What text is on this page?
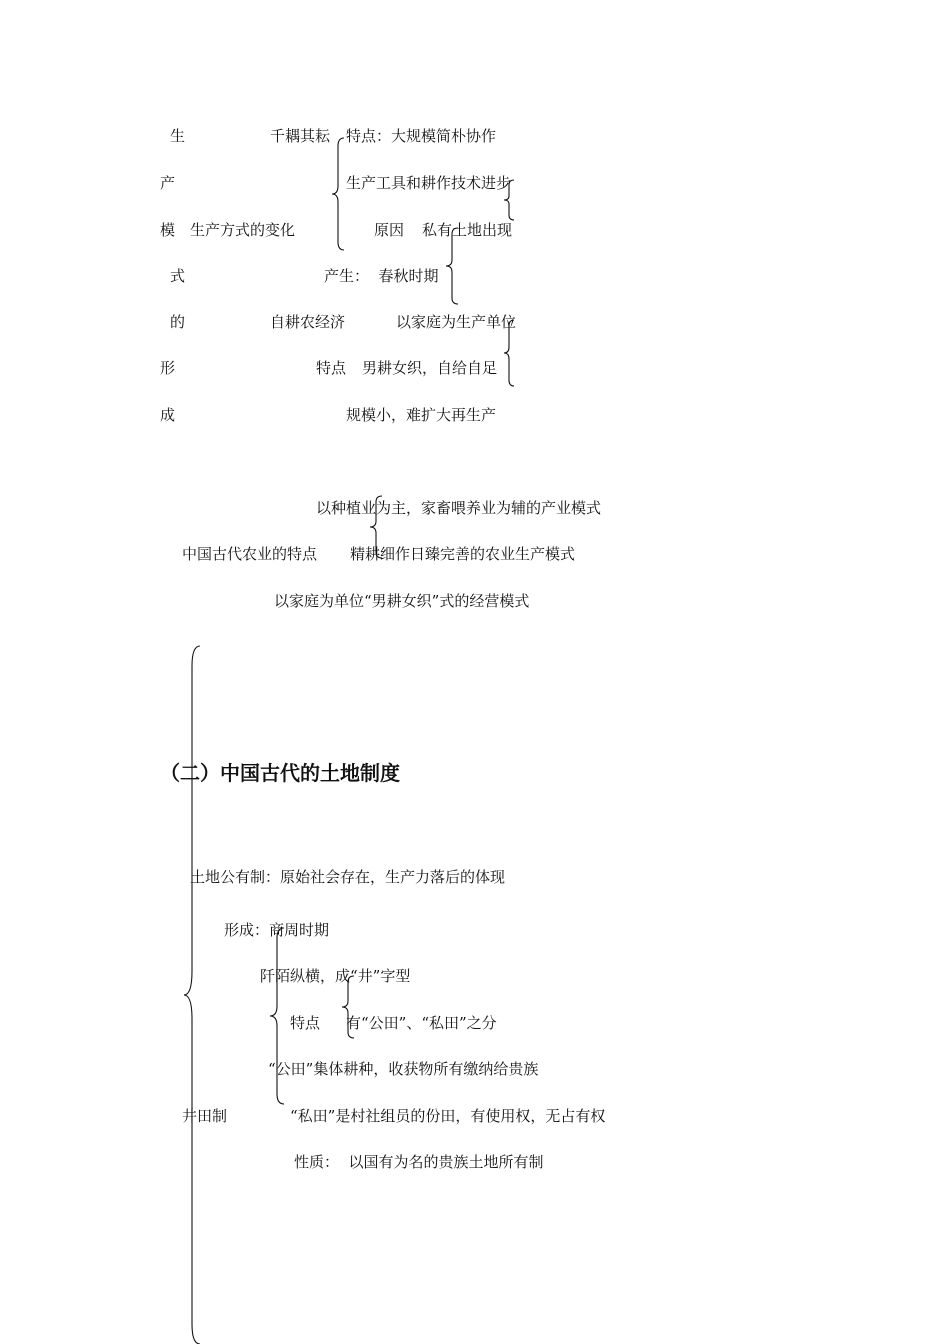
生
产
模
式
的
形
成
生产方式的变化
千耦其耘 特点：大规模简朴协作
生产工具和耕作技术进步
原因 私有土地出现
产生：  春秋时期
自耕农经济	以家庭为生产单位
特点 男耕女织，自给自足
规模小，难扩大再生产
以种植业为主，家畜喂养业为辅的产业模式
中国古代农业的特点 精耕细作日臻完善的农业生产模式
以家庭为单位“男耕女织”式的经营模式
（二）中国古代的土地制度
土地公有制：原始社会存在，生产力落后的体现
形成：商周时期
阡陌纵横，成“井”字型
特点 有“公田”、“私田”之分
“公田”集体耕种，收获物所有缴纳给贵族
井田制	“私田”是村社组员的份田，有使用权，无占有权
性质：  以国有为名的贵族土地所有制
